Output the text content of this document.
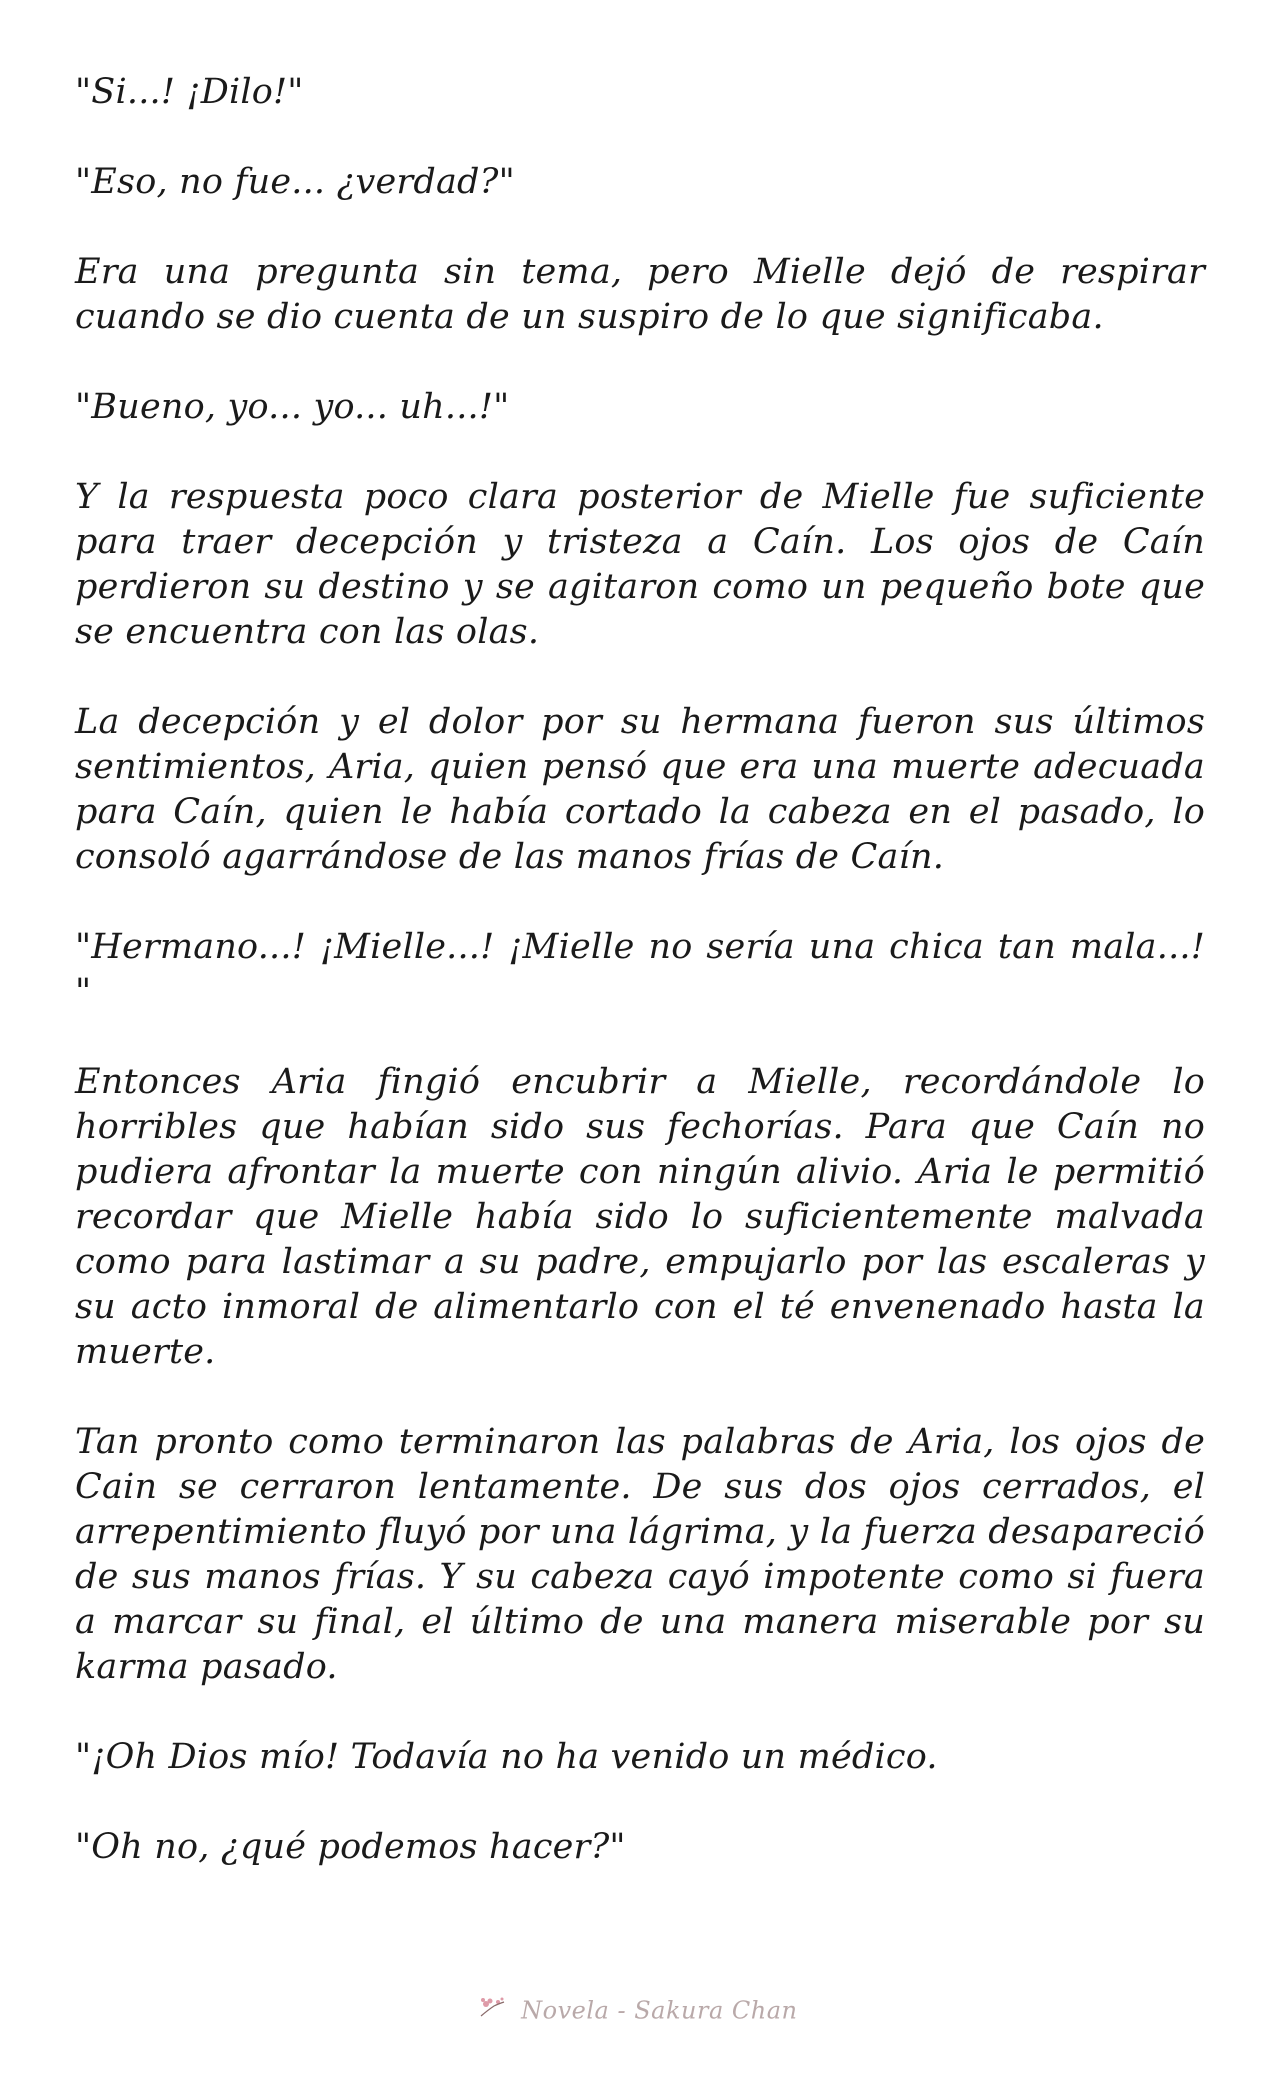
"Si...! ¡Dilo!"

"Eso, no fue... ¿verdad?"

Era una pregunta sin tema, pero Mielle dejó de respirar cuando se dio cuenta de un suspiro de lo que significaba.

"Bueno, yo... yo... uh...!"

Y la respuesta poco clara posterior de Mielle fue suficiente para traer decepción y tristeza a Caín. Los ojos de Caín perdieron su destino y se agitaron como un pequeño bote que se encuentra con las olas.

La decepción y el dolor por su hermana fueron sus últimos sentimientos, Aria, quien pensó que era una muerte adecuada para Caín, quien le había cortado la cabeza en el pasado, lo consoló agarrándose de las manos frías de Caín.

"Hermano...! ¡Mielle...! ¡Mielle no sería una chica tan mala...! "

Entonces Aria fingió encubrir a Mielle, recordándole lo horribles que habían sido sus fechorías. Para que Caín no pudiera afrontar la muerte con ningún alivio. Aria le permitió recordar que Mielle había sido lo suficientemente malvada como para lastimar a su padre, empujarlo por las escaleras y su acto inmoral de alimentarlo con el té envenenado hasta la muerte.

Tan pronto como terminaron las palabras de Aria, los ojos de Cain se cerraron lentamente. De sus dos ojos cerrados, el arrepentimiento fluyó por una lágrima, y la fuerza desapareció de sus manos frías. Y su cabeza cayó impotente como si fuera a marcar su final, el último de una manera miserable por su karma pasado.

"¡Oh Dios mío! Todavía no ha venido un médico.

"Oh no, ¿qué podemos hacer?"

Novela - Sakura Chan
